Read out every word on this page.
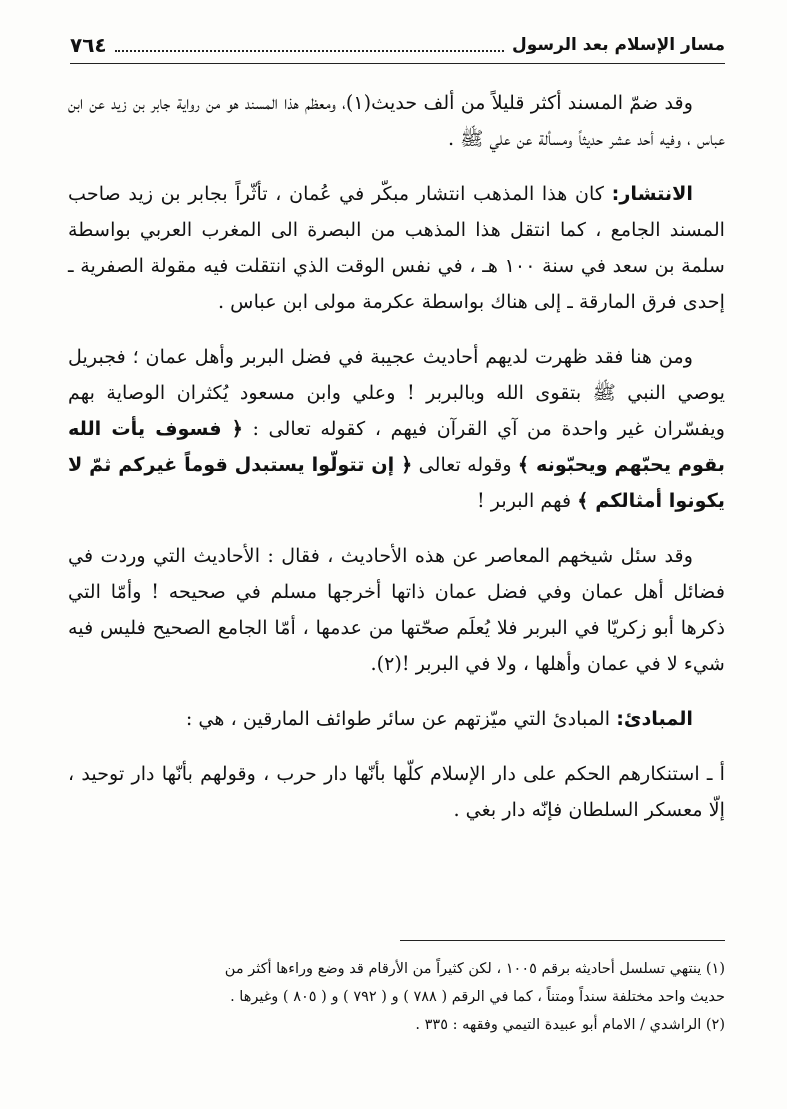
مسار الإسلام بعد الرسول
٧٦٤

وقد ضمّ المسند أكثر قليلاً من ألف حديث(١)، ومعظم هذا المسند هو من رواية جابر بن زيد عن ابن عباس ، وفيه أحد عشر حديثاً ومسألة عن علي ﷺ .

الانتشار: كان هذا المذهب انتشار مبكّر في عُمان ، تأثّراً بجابر بن زيد صاحب المسند الجامع ، كما انتقل هذا المذهب من البصرة الى المغرب العربي بواسطة سلمة بن سعد في سنة ١٠٠ هـ ، في نفس الوقت الذي انتقلت فيه مقولة الصفرية ـ إحدى فرق المارقة ـ إلى هناك بواسطة عكرمة مولى ابن عباس .

ومن هنا فقد ظهرت لديهم أحاديث عجيبة في فضل البربر وأهل عمان ؛ فجبريل يوصي النبي ﷺ بتقوى الله وبالبربر ! وعلي وابن مسعود يُكثران الوصاية بهم ويفسّران غير واحدة من آي القرآن فيهم ، كقوله تعالى : ﴿ فسوف يأت الله بقوم يحبّهم ويحبّونه ﴾ وقوله تعالى ﴿ إن تتولّوا يستبدل قوماً غيركم ثمّ لا يكونوا أمثالكم ﴾ فهم البربر !

وقد سئل شيخهم المعاصر عن هذه الأحاديث ، فقال : الأحاديث التي وردت في فضائل أهل عمان وفي فضل عمان ذاتها أخرجها مسلم في صحيحه ! وأمّا التي ذكرها أبو زكريّا في البربر فلا يُعلَم صحّتها من عدمها ، أمّا الجامع الصحيح فليس فيه شيء لا في عمان وأهلها ، ولا في البربر !(٢).

المبادئ: المبادئ التي ميّزتهم عن سائر طوائف المارقين ، هي :

أ ـ استنكارهم الحكم على دار الإسلام كلّها بأنّها دار حرب ، وقولهم بأنّها دار توحيد ، إلّا معسكر السلطان فإنّه دار بغي .

(١) ينتهي تسلسل أحاديثه برقم ١٠٠٥ ، لكن كثيراً من الأرقام قد وضع وراءها أكثر من

حديث واحد مختلفة سنداً ومتناً ، كما في الرقم ( ٧٨٨ ) و ( ٧٩٢ ) و ( ٨٠٥ ) وغيرها .

(٢) الراشدي / الامام أبو عبيدة التيمي وفقهه : ٣٣٥ .
